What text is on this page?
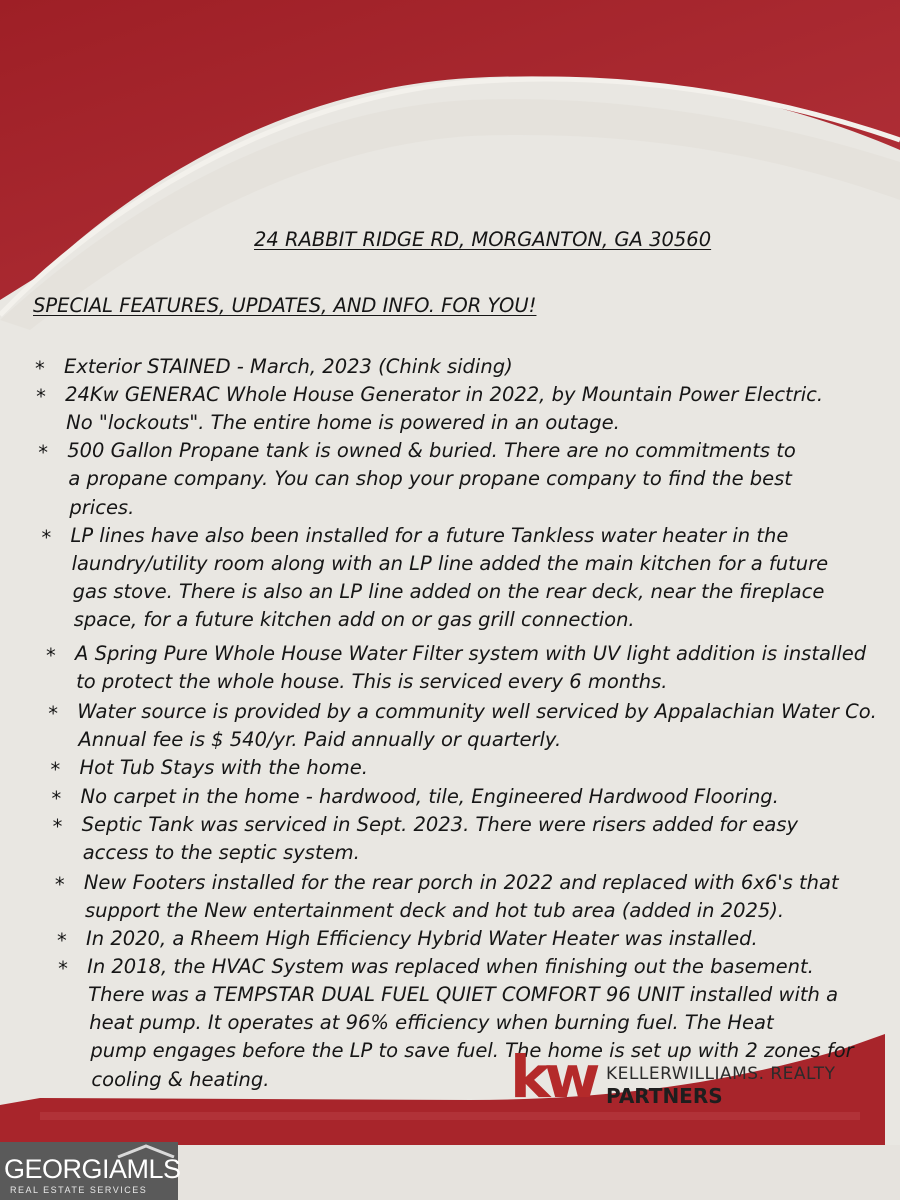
24 RABBIT RIDGE RD, MORGANTON, GA 30560
SPECIAL FEATURES, UPDATES, AND INFO. FOR YOU!
* Exterior STAINED - March, 2023 (Chink siding)
* 24Kw GENERAC Whole House Generator in 2022, by Mountain Power Electric.
No "lockouts". The entire home is powered in an outage.
* 500 Gallon Propane tank is owned & buried. There are no commitments to
a propane company. You can shop your propane company to find the best
prices.
* LP lines have also been installed for a future Tankless water heater in the
laundry/utility room along with an LP line added the main kitchen for a future
gas stove. There is also an LP line added on the rear deck, near the fireplace
space, for a future kitchen add on or gas grill connection.
* A Spring Pure Whole House Water Filter system with UV light addition is installed
to protect the whole house. This is serviced every 6 months.
* Water source is provided by a community well serviced by Appalachian Water Co.
Annual fee is $ 540/yr. Paid annually or quarterly.
* Hot Tub Stays with the home.
* No carpet in the home - hardwood, tile, Engineered Hardwood Flooring.
* Septic Tank was serviced in Sept. 2023. There were risers added for easy
access to the septic system.
* New Footers installed for the rear porch in 2022 and replaced with 6x6's that
support the New entertainment deck and hot tub area (added in 2025).
* In 2020, a Rheem High Efficiency Hybrid Water Heater was installed.
* In 2018, the HVAC System was replaced when finishing out the basement.
There was a TEMPSTAR DUAL FUEL QUIET COMFORT 96 UNIT installed with a
heat pump. It operates at 96% efficiency when burning fuel. The Heat
pump engages before the LP to save fuel. The home is set up with 2 zones for
cooling & heating.	kw KELLERWILLIAMS. REALTY
PARTNERS
GEORGIAMLS
REAL ESTATE SERVICES
